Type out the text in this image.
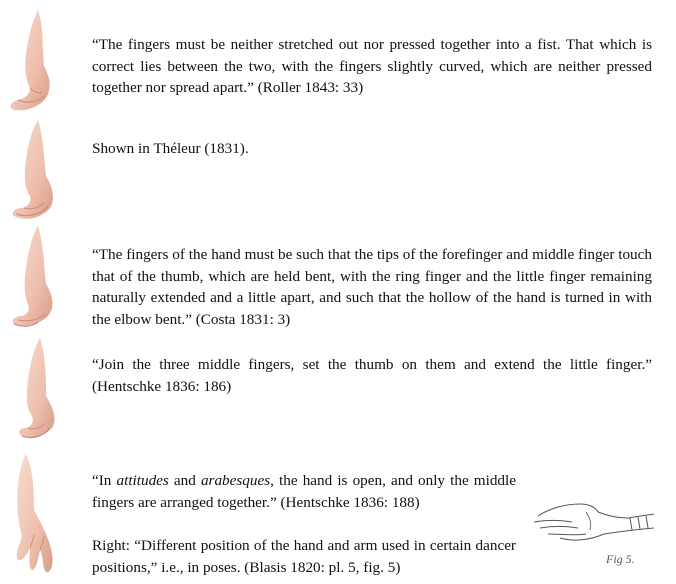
“The fingers must be neither stretched out nor pressed together into a fist. That which is correct lies between the two, with the fingers slightly curved, which are neither pressed together nor spread apart.” (Roller 1843: 33)
Shown in Théleur (1831).
“The fingers of the hand must be such that the tips of the forefinger and middle finger touch that of the thumb, which are held bent, with the ring finger and the little finger remaining naturally extended and a little apart, and such that the hollow of the hand is turned in with the elbow bent.” (Costa 1831: 3)
“Join the three middle fingers, set the thumb on them and extend the little finger.” (Hentschke 1836: 186)

“In attitudes and arabesques, the hand is open, and only the middle fingers are arranged together.” (Hentschke 1836: 188)

Right: “Different position of the hand and arm used in certain dancer positions,” i.e., in poses. (Blasis 1820: pl. 5, fig. 5)	Fig 5.
